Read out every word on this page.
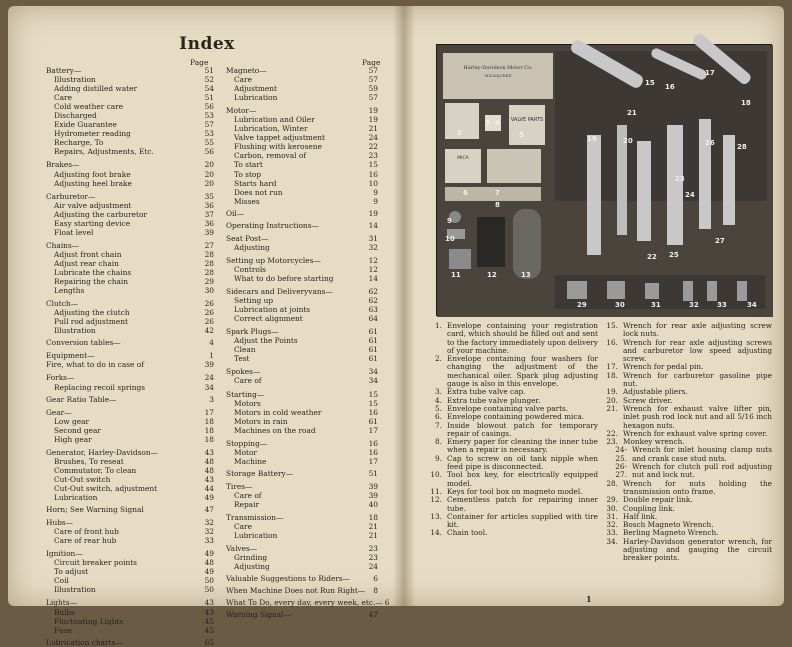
Index
Page	Page
Battery—	51
Illustration	52
Adding distilled water	54
Care	51
Cold weather care	56
Discharged	53
Exide Guarantee	57
Hydrometer reading	53
Recharge, To	55
Repairs, Adjustments, Etc.	56
Brakes—	20
Adjusting foot brake	20
Adjusting heel brake	20
Carburetor—	35
Air valve adjustment	36
Adjusting the carburetor	37
Easy starting device	36
Float level	39
Chains—	27
Adjust front chain	28
Adjust rear chain	28
Lubricate the chains	28
Repairing the chain	29
Lengths	30
Clutch—	26
Adjusting the clutch	26
Pull rod adjustment	26
Illustration	42
Conversion tables—	4
Equipment—	1
Fire, what to do in case of	39
Forks—	24
Replacing recoil springs	34
Gear Ratio Table—	3
Gear—	17
Low gear	18
Second gear	18
High gear	18
Generator, Harley-Davidson—	43
Brushes, To reseat	48
Commutator, To clean	48
Cut-Out switch	43
Cut-Out switch, adjustment	44
Lubrication	49
Horn; See Warning Signal	47
Hubs—	32
Care of front hub	32
Care of rear hub	33
Ignition—	49
Circuit breaker points	48
To adjust	49
Coil	50
Illustration	50
Lights—	43
Bulbs	43
Fluctuating Lights	45
Fuse	45
Lubrication charts—	65
Magneto—	57
Care	57
Adjustment	59
Lubrication	57
Motor—	19
Lubrication and Oiler	19
Lubrication, Winter	21
Valve tappet adjustment	24
Flushing with kerosene	22
Carbon, removal of	23
To start	15
To stop	16
Starts hard	10
Does not run	9
Misses	9
Oil—	19
Operating Instructions—	14
Seat Post—	31
Adjusting	32
Setting up Motorcycles—	12
Controls	12
What to do before starting	14
Sidecars and Deliveryvans—	62
Setting up	62
Lubrication at joints	63
Correct alignment	64
Spark Plugs—	61
Adjust the Points	61
Clean	61
Test	61
Spokes—	34
Care of	34
Starting—	15
Motors	15
Motors in cold weather	16
Motors in rain	61
Machines on the road	17
Stopping—	16
Motor	16
Machine	17
Storage Battery—	51
Tires—	39
Care of	39
Repair	40
Transmission—	18
Care	21
Lubrication	21
Valves—	23
Grinding	23
Adjusting	24
Valuable Suggestions to Riders—	6
When Machine Does not Run Right— 8
What To Do, every day, every week, etc.— 6
Warning Signal—	47
Harley-Davidson Motor Co.
MILWAUKEE
VALVE PARTS
MICA
2
3 4
5
6	7
8
9
10
11	12	13
15 16
17
18
19	20
21
22
23
24
25
26
27
28
29	30	31	32	33	34
1. Envelope containing your registration card, which should be filled out and sent to the factory immediately upon delivery of your machine.
2. Envelope containing four washers for changing the adjustment of the mechanical oiler. Spark plug adjusting gauge is also in this envelope.
3. Extra tube valve cap.
4. Extra tube valve plunger.
5. Envelope containing valve parts.
6. Envelope containing powdered mica.
7. Inside blowout patch for temporary repair of casings.
8. Emery paper for cleaning the inner tube when a repair is necessary.
9. Cap to screw on oil tank nipple when feed pipe is disconnected.
10. Tool box key, for electrically equipped model.
11. Keys for tool box on magneto model.
12. Cementless patch for repairing inner tube.
13. Container for articles supplied with tire kit.
14. Chain tool.
15. Wrench for rear axle adjusting screw lock nuts.
16. Wrench for rear axle adjusting screws and carburetor low speed adjusting screw.
17. Wrench for pedal pin.
18. Wrench for carburetor gasoline pipe nut.
19. Adjustable pliers.
20. Screw driver.
21. Wrench for exhaust valve lifter pin, inlet push rod lock nut and all 5/16 inch hexagon nuts.
22. Wrench for exhaust valve spring cover.
23. Monkey wrench.
24-25.
Wrench for inlet housing clamp nuts and crank case stud nuts.
26-27.
Wrench for clutch pull rod adjusting nut and lock nut.
28. Wrench for nuts holding the transmission onto frame.
29. Double repair link.
30. Coupling link.
31. Half link.
32. Bosch Magneto Wrench.
33. Berling Magneto Wrench.
34. Harley-Davidson generator wrench, for adjusting and gauging the circuit breaker points.
1
